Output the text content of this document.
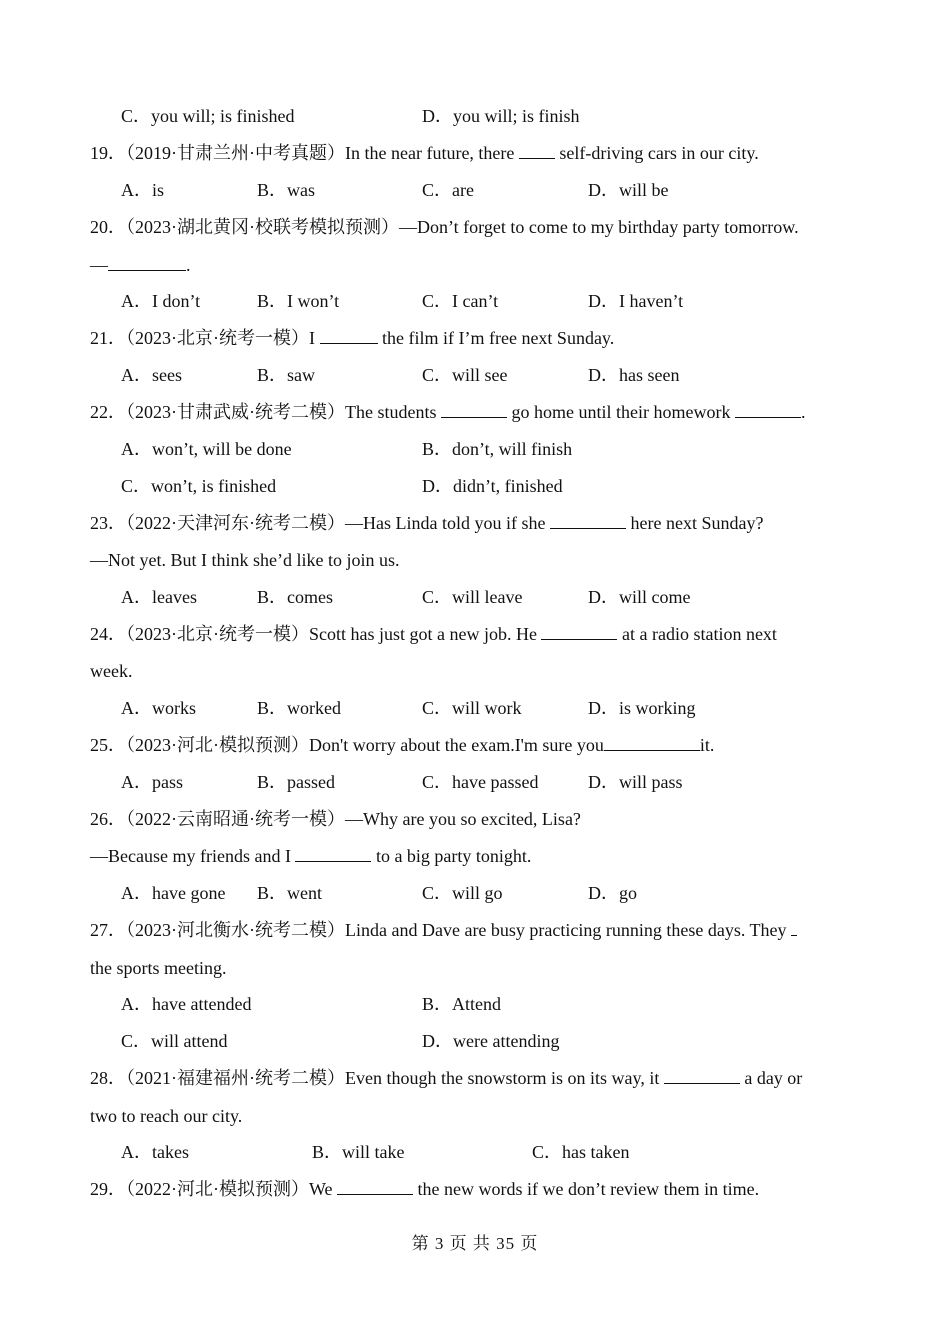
C．you will; is finished	D．you will; is finish
19．（2019·甘肃兰州·中考真题）In the near future, there  self-driving cars in our city.
A．is	B．was	C．are	D．will be
20．（2023·湖北黄冈·校联考模拟预测）—Don’t forget to come to my birthday party tomorrow.
—	.
A．I don’t	B．I won’t	C．I can’t	D．I haven’t
21．（2023·北京·统考一模）I	the film if I’m free next Sunday.
A．sees	B．saw	C．will see	D．has seen
22．（2023·甘肃武威·统考二模）The students	go home until their homework	.
A．won’t, will be done	B．don’t, will finish
C．won’t, is finished	D．didn’t, finished
23．（2022·天津河东·统考二模）—Has Linda told you if she	here next Sunday?
—Not yet. But I think she’d like to join us.
A．leaves	B．comes	C．will leave	D．will come
24．（2023·北京·统考一模）Scott has just got a new job. He	at a radio station next
week.
A．works	B．worked	C．will work	D．is working
25．（2023·河北·模拟预测）Don't worry about the exam.I'm sure you	it.
A．pass	B．passed	C．have passed	D．will pass
26．（2022·云南昭通·统考一模）—Why are you so excited, Lisa?
—Because my friends and I	to a big party tonight.
A．have gone B．went	C．will go	D．go
27．（2023·河北衡水·统考二模）Linda and Dave are busy practicing running these days. They
the sports meeting.
A．have attended	B．Attend
C．will attend	D．were attending
28．（2021·福建福州·统考二模）Even though the snowstorm is on its way, it	a day or
two to reach our city.
A．takes	B．will take	C．has taken
29．（2022·河北·模拟预测）We	the new words if we don’t review them in time.
第 3 页 共 35 页
